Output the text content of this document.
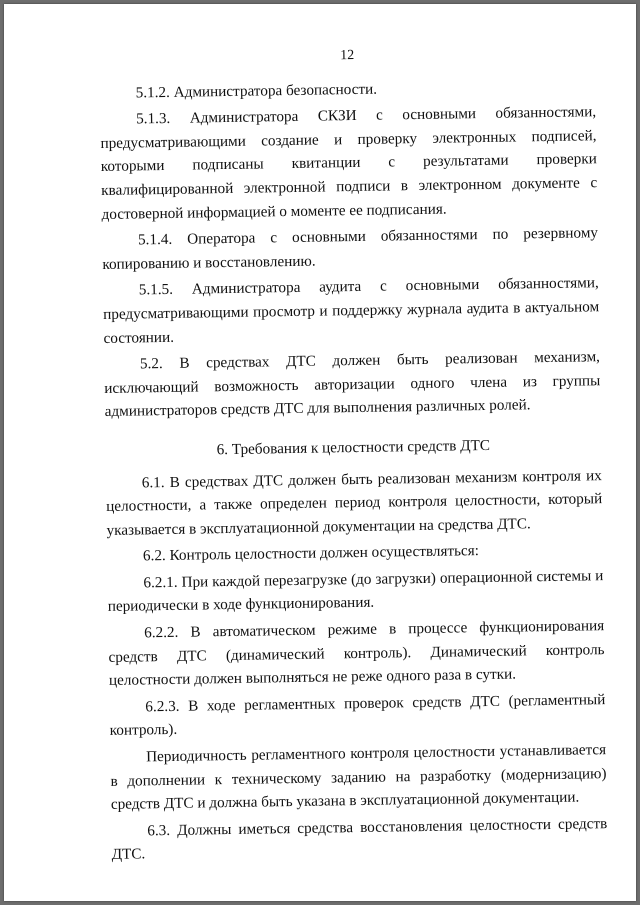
12

5.1.2. Администратора безопасности.

5.1.3. Администратора СКЗИ с основными обязанностями, предусматривающими создание и проверку электронных подписей, которыми подписаны квитанции с результатами проверки квалифицированной электронной подписи в электронном документе с достоверной информацией о моменте ее подписания.

5.1.4. Оператора с основными обязанностями по резервному копированию и восстановлению.

5.1.5. Администратора аудита с основными обязанностями, предусматривающими просмотр и поддержку журнала аудита в актуальном состоянии.

5.2. В средствах ДТС должен быть реализован механизм, исключающий возможность авторизации одного члена из группы администраторов средств ДТС для выполнения различных ролей.

6. Требования к целостности средств ДТС

6.1. В средствах ДТС должен быть реализован механизм контроля их целостности, а также определен период контроля целостности, который указывается в эксплуатационной документации на средства ДТС.

6.2. Контроль целостности должен осуществляться:

6.2.1. При каждой перезагрузке (до загрузки) операционной системы и периодически в ходе функционирования.

6.2.2. В автоматическом режиме в процессе функционирования средств ДТС (динамический контроль). Динамический контроль целостности должен выполняться не реже одного раза в сутки.

6.2.3. В ходе регламентных проверок средств ДТС (регламентный контроль).

Периодичность регламентного контроля целостности устанавливается в дополнении к техническому заданию на разработку (модернизацию) средств ДТС и должна быть указана в эксплуатационной документации.

6.3. Должны иметься средства восстановления целостности средств ДТС.
